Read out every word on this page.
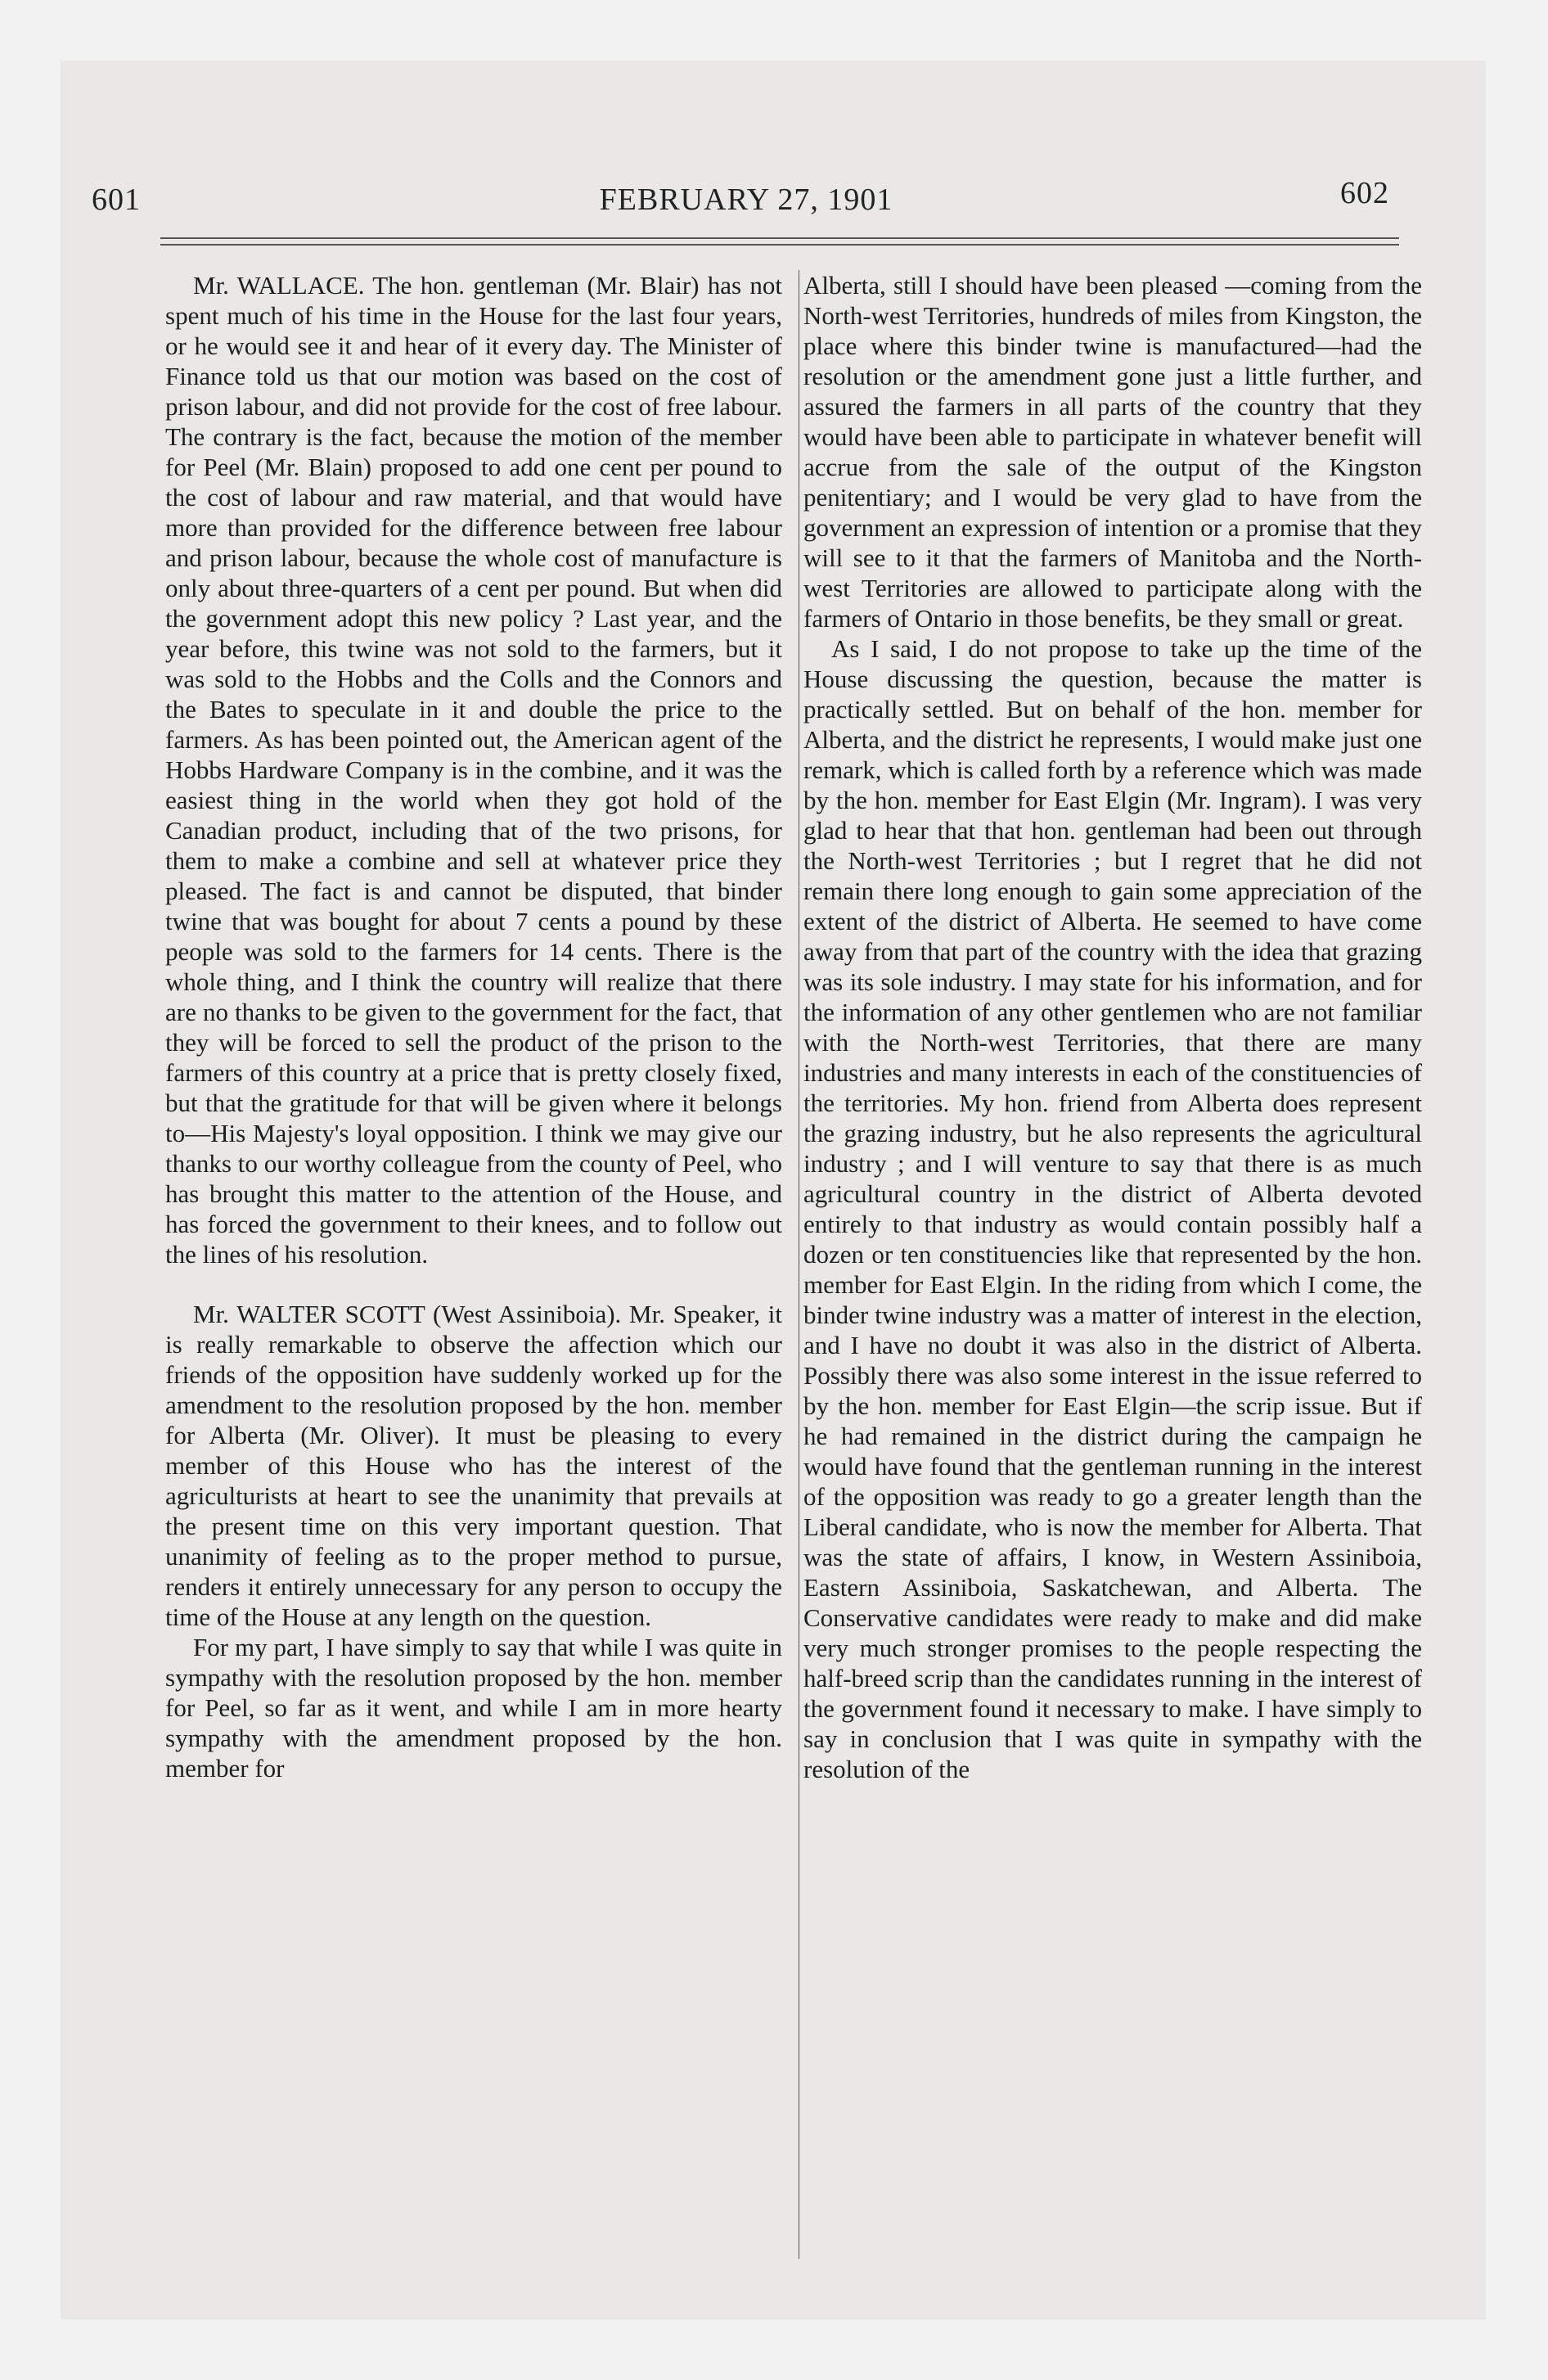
601	FEBRUARY 27, 1901	602

Mr. WALLACE. The hon. gentleman (Mr. Blair) has not spent much of his time in the House for the last four years, or he would see it and hear of it every day. The Minister of Finance told us that our motion was based on the cost of prison labour, and did not provide for the cost of free labour. The contrary is the fact, because the motion of the member for Peel (Mr. Blain) proposed to add one cent per pound to the cost of labour and raw material, and that would have more than provided for the difference between free labour and prison labour, because the whole cost of manufacture is only about three-quarters of a cent per pound. But when did the government adopt this new policy ? Last year, and the year before, this twine was not sold to the farmers, but it was sold to the Hobbs and the Colls and the Connors and the Bates to speculate in it and double the price to the farmers. As has been pointed out, the American agent of the Hobbs Hardware Company is in the combine, and it was the easiest thing in the world when they got hold of the Canadian product, including that of the two prisons, for them to make a combine and sell at whatever price they pleased. The fact is and cannot be disputed, that binder twine that was bought for about 7 cents a pound by these people was sold to the farmers for 14 cents. There is the whole thing, and I think the country will realize that there are no thanks to be given to the government for the fact, that they will be forced to sell the product of the prison to the farmers of this country at a price that is pretty closely fixed, but that the gratitude for that will be given where it belongs to—His Majesty's loyal opposition. I think we may give our thanks to our worthy colleague from the county of Peel, who has brought this matter to the attention of the House, and has forced the government to their knees, and to follow out the lines of his resolution.

Mr. WALTER SCOTT (West Assiniboia). Mr. Speaker, it is really remarkable to observe the affection which our friends of the opposition have suddenly worked up for the amendment to the resolution proposed by the hon. member for Alberta (Mr. Oliver). It must be pleasing to every member of this House who has the interest of the agriculturists at heart to see the unanimity that prevails at the present time on this very important question. That unanimity of feeling as to the proper method to pursue, renders it entirely unnecessary for any person to occupy the time of the House at any length on the question.

For my part, I have simply to say that while I was quite in sympathy with the resolution proposed by the hon. member for Peel, so far as it went, and while I am in more hearty sympathy with the amendment proposed by the hon. member for

Alberta, still I should have been pleased —coming from the North-west Territories, hundreds of miles from Kingston, the place where this binder twine is manufactured—had the resolution or the amendment gone just a little further, and assured the farmers in all parts of the country that they would have been able to participate in whatever benefit will accrue from the sale of the output of the Kingston penitentiary; and I would be very glad to have from the government an expression of intention or a promise that they will see to it that the farmers of Manitoba and the North-west Territories are allowed to participate along with the farmers of Ontario in those benefits, be they small or great.

As I said, I do not propose to take up the time of the House discussing the question, because the matter is practically settled. But on behalf of the hon. member for Alberta, and the district he represents, I would make just one remark, which is called forth by a reference which was made by the hon. member for East Elgin (Mr. Ingram). I was very glad to hear that that hon. gentleman had been out through the North-west Territories ; but I regret that he did not remain there long enough to gain some appreciation of the extent of the district of Alberta. He seemed to have come away from that part of the country with the idea that grazing was its sole industry. I may state for his information, and for the information of any other gentlemen who are not familiar with the North-west Territories, that there are many industries and many interests in each of the constituencies of the territories. My hon. friend from Alberta does represent the grazing industry, but he also represents the agricultural industry ; and I will venture to say that there is as much agricultural country in the district of Alberta devoted entirely to that industry as would contain possibly half a dozen or ten constituencies like that represented by the hon. member for East Elgin. In the riding from which I come, the binder twine industry was a matter of interest in the election, and I have no doubt it was also in the district of Alberta. Possibly there was also some interest in the issue referred to by the hon. member for East Elgin—the scrip issue. But if he had remained in the district during the campaign he would have found that the gentleman running in the interest of the opposition was ready to go a greater length than the Liberal candidate, who is now the member for Alberta. That was the state of affairs, I know, in Western Assiniboia, Eastern Assiniboia, Saskatchewan, and Alberta. The Conservative candidates were ready to make and did make very much stronger promises to the people respecting the half-breed scrip than the candidates running in the interest of the government found it necessary to make. I have simply to say in conclusion that I was quite in sympathy with the resolution of the
